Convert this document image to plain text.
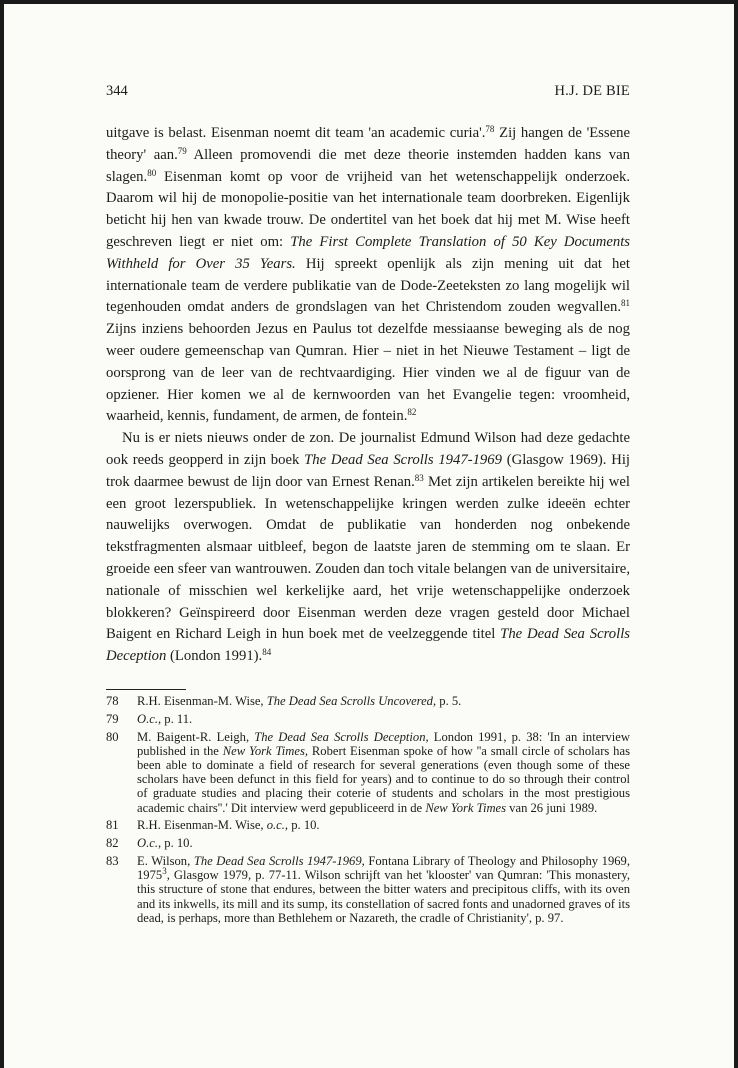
344	H.J. DE BIE

uitgave is belast. Eisenman noemt dit team 'an academic curia'.$^{78}$ Zij hangen de 'Essene theory' aan.$^{79}$ Alleen promovendi die met deze theorie instemden hadden kans van slagen.$^{80}$ Eisenman komt op voor de vrijheid van het wetenschappelijk onderzoek. Daarom wil hij de monopolie-positie van het internationale team doorbreken. Eigenlijk beticht hij hen van kwade trouw. De ondertitel van het boek dat hij met M. Wise heeft geschreven liegt er niet om: The First Complete Translation of 50 Key Documents Withheld for Over 35 Years. Hij spreekt openlijk als zijn mening uit dat het internationale team de verdere publikatie van de Dode-Zeeteksten zo lang mogelijk wil tegenhouden omdat anders de grondslagen van het Christendom zouden wegvallen.$^{81}$ Zijns inziens behoorden Jezus en Paulus tot dezelfde messiaanse beweging als de nog weer oudere gemeenschap van Qumran. Hier – niet in het Nieuwe Testament – ligt de oorsprong van de leer van de rechtvaardiging. Hier vinden we al de figuur van de opziener. Hier komen we al de kernwoorden van het Evangelie tegen: vroomheid, waarheid, kennis, fundament, de armen, de fontein.$^{82}$

Nu is er niets nieuws onder de zon. De journalist Edmund Wilson had deze gedachte ook reeds geopperd in zijn boek The Dead Sea Scrolls 1947-1969 (Glasgow 1969). Hij trok daarmee bewust de lijn door van Ernest Renan.$^{83}$ Met zijn artikelen bereikte hij wel een groot lezerspubliek. In wetenschappelijke kringen werden zulke ideeën echter nauwelijks overwogen. Omdat de publikatie van honderden nog onbekende tekstfragmenten alsmaar uitbleef, begon de laatste jaren de stemming om te slaan. Er groeide een sfeer van wantrouwen. Zouden dan toch vitale belangen van de universitaire, nationale of misschien wel kerkelijke aard, het vrije wetenschappelijke onderzoek blokkeren? Geïnspireerd door Eisenman werden deze vragen gesteld door Michael Baigent en Richard Leigh in hun boek met de veelzeggende titel The Dead Sea Scrolls Deception (London 1991).$^{84}$

78 R.H. Eisenman-M. Wise, The Dead Sea Scrolls Uncovered, p. 5.
79 O.c., p. 11.
80 M. Baigent-R. Leigh, The Dead Sea Scrolls Deception, London 1991, p. 38: 'In an interview published in the New York Times, Robert Eisenman spoke of how ''a small circle of scholars has been able to dominate a field of research for several generations (even though some of these scholars have been defunct in this field for years) and to continue to do so through their control of graduate studies and placing their coterie of students and scholars in the most prestigious academic chairs''.' Dit interview werd gepubliceerd in de New York Times van 26 juni 1989.
81 R.H. Eisenman-M. Wise, o.c., p. 10.
82 O.c., p. 10.
83 E. Wilson, The Dead Sea Scrolls 1947-1969, Fontana Library of Theology and Philosophy 1969, 1975$^3$, Glasgow 1979, p. 77-11. Wilson schrijft van het 'klooster' van Qumran: 'This monastery, this structure of stone that endures, between the bitter waters and precipitous cliffs, with its oven and its inkwells, its mill and its sump, its constellation of sacred fonts and unadorned graves of its dead, is perhaps, more than Bethlehem or Nazareth, the cradle of Christianity', p. 97.
